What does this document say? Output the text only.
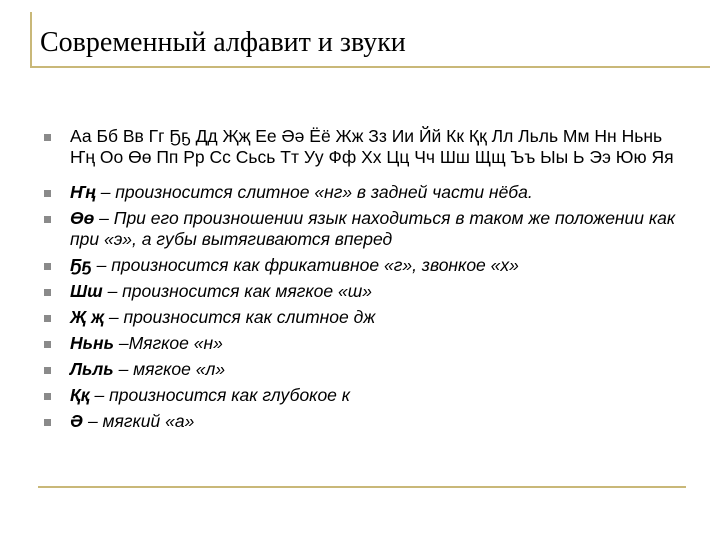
Современный алфавит и звуки
Аа Бб Вв Гг Ҕҕ Дд Җҗ Ее Әә Ёё Жж Зз Ии Йй Кк Ққ Лл Льль Мм Нн Ньнь Ҥң Оо Өө Пп Рр Сс Сьсь Тт Уу Фф Хх Цц Чч Шш Щщ Ъъ Ыы Ь Ээ Юю Яя
Ҥң – произносится слитное «нг» в задней части нёба.
Өө – При его произношении язык находиться в таком же положении как при «э», а губы вытягиваются вперед
Ҕҕ – произносится как фрикативное «г», звонкое «х»
Шш – произносится как мягкое «ш»
Җ җ – произносится как слитное дж
Ньнь –Мягкое «н»
Льль – мягкое «л»
Ққ – произносится как глубокое к
Ә – мягкий «а»
